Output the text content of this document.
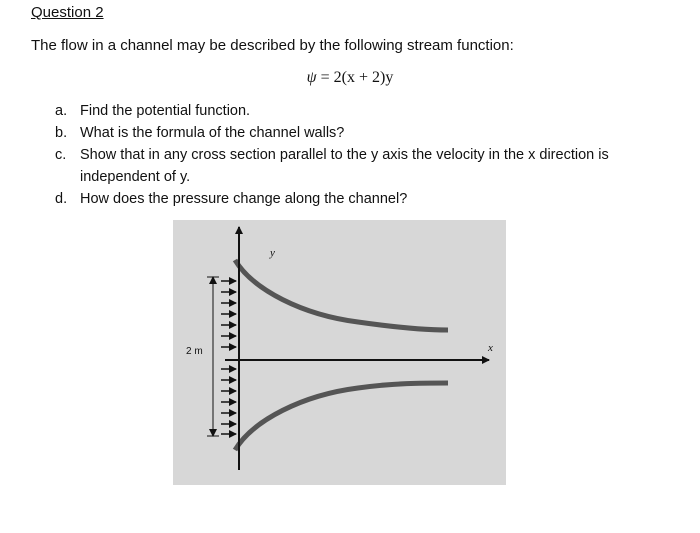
Question 2
The flow in a channel may be described by the following stream function:
ψ = 2(x + 2)y
a. Find the potential function.
b. What is the formula of the channel walls?
c. Show that in any cross section parallel to the y axis the velocity in the x direction is independent of y.
d. How does the pressure change along the channel?
y
x
2 m
